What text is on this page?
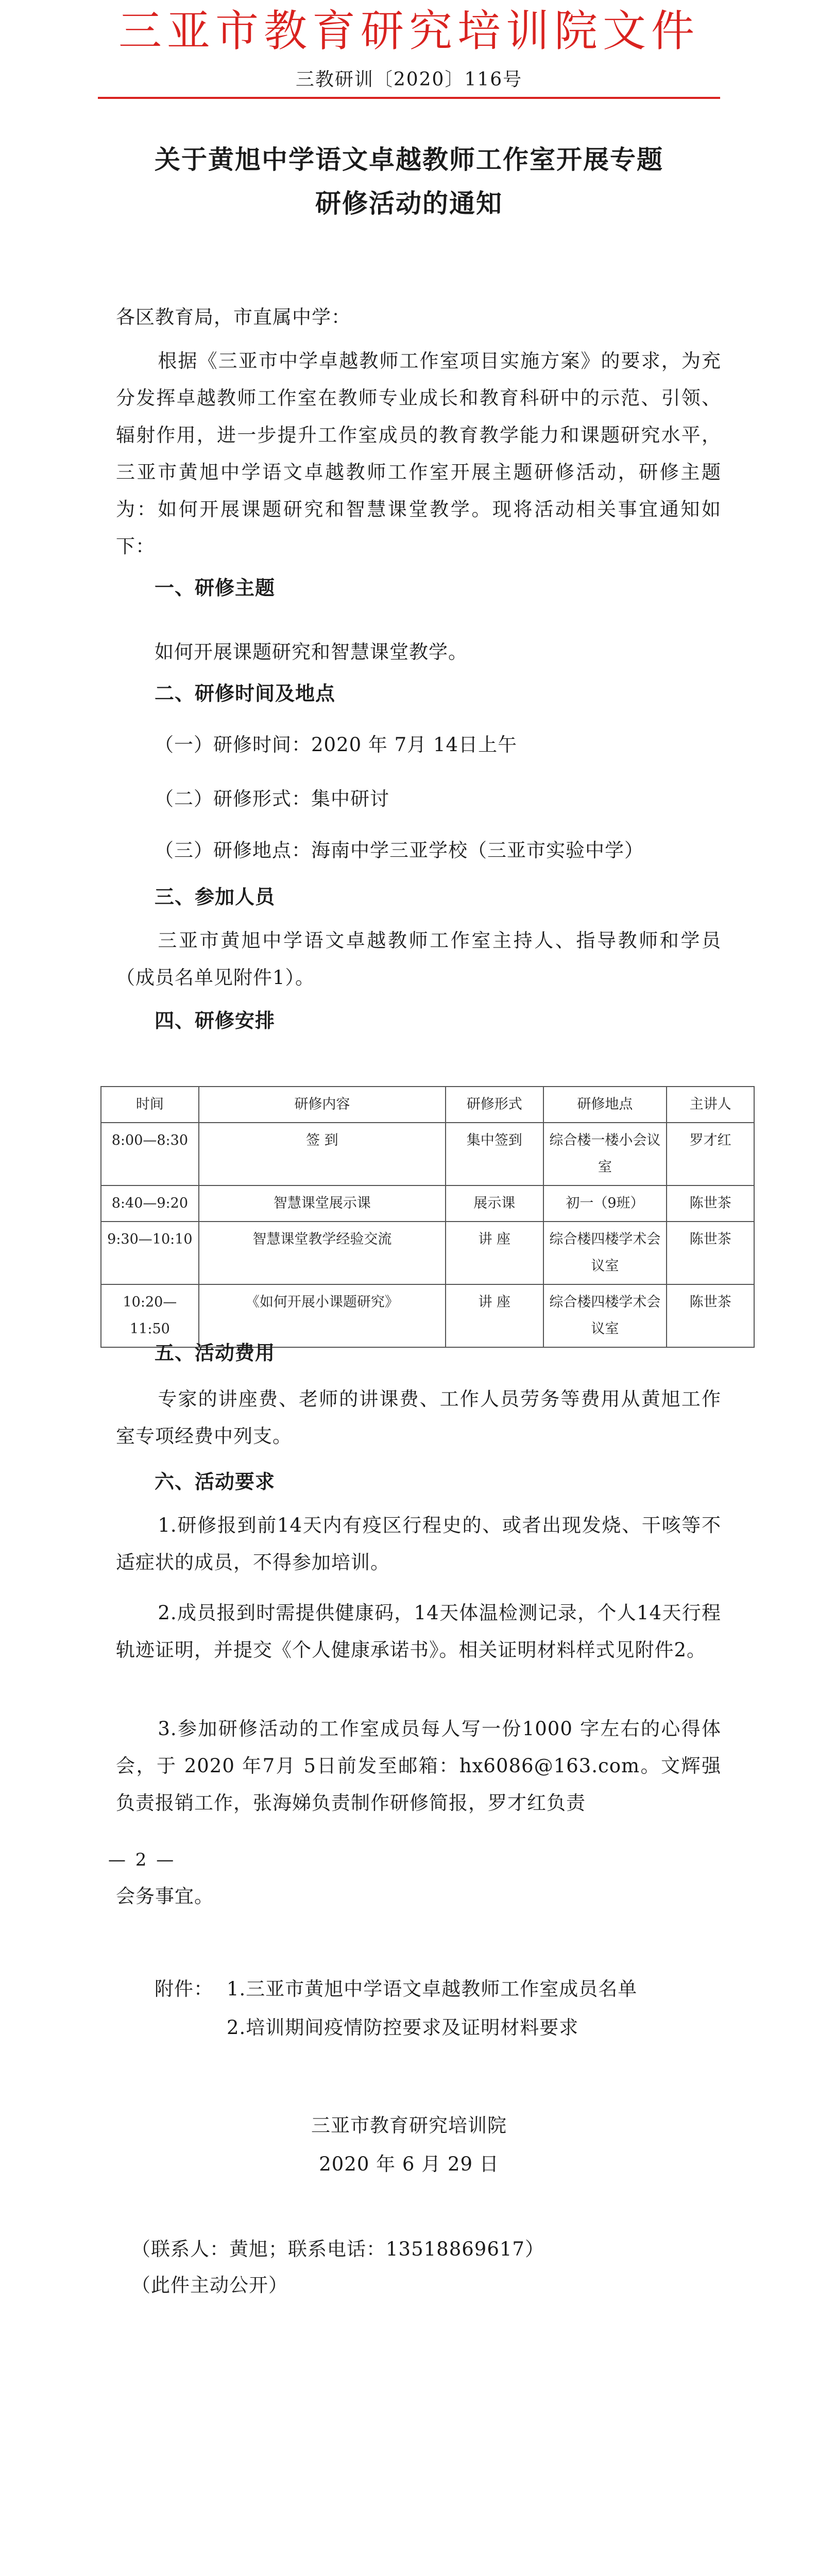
三亚市教育研究培训院文件
三教研训〔2020〕116号
关于黄旭中学语文卓越教师工作室开展专题
研修活动的通知
各区教育局，市直属中学：
根据《三亚市中学卓越教师工作室项目实施方案》的要求，为充分发挥卓越教师工作室在教师专业成长和教育科研中的示范、引领、辐射作用，进一步提升工作室成员的教育教学能力和课题研究水平，三亚市黄旭中学语文卓越教师工作室开展主题研修活动，研修主题为：如何开展课题研究和智慧课堂教学。现将活动相关事宜通知如下：
一、研修主题
如何开展课题研究和智慧课堂教学。
二、研修时间及地点
（一）研修时间：2020 年 7月 14日上午
（二）研修形式：集中研讨
（三）研修地点：海南中学三亚学校（三亚市实验中学）
三、参加人员
三亚市黄旭中学语文卓越教师工作室主持人、指导教师和学员（成员名单见附件1）。
四、研修安排
时间	研修内容	研修形式	研修地点	主讲人
8:00—8:30	签 到	集中签到	综合楼一楼小会议室	罗才红
8:40—9:20	智慧课堂展示课	展示课	初一（9班）	陈世茶
9:30—10:10	智慧课堂教学经验交流	讲 座	综合楼四楼学术会议室	陈世茶
10:20—11:50	《如何开展小课题研究》	讲 座	综合楼四楼学术会议室	陈世茶
五、活动费用
专家的讲座费、老师的讲课费、工作人员劳务等费用从黄旭工作室专项经费中列支。
六、活动要求
1.研修报到前14天内有疫区行程史的、或者出现发烧、干咳等不适症状的成员，不得参加培训。
2.成员报到时需提供健康码，14天体温检测记录，个人14天行程轨迹证明，并提交《个人健康承诺书》。相关证明材料样式见附件2。
3.参加研修活动的工作室成员每人写一份1000 字左右的心得体会，于 2020 年7月 5日前发至邮箱：hx6086@163.com。文辉强负责报销工作，张海娣负责制作研修简报，罗才红负责
— 2 —
会务事宜。
附件： 1.三亚市黄旭中学语文卓越教师工作室成员名单
2.培训期间疫情防控要求及证明材料要求
三亚市教育研究培训院
2020 年 6 月 29 日
（联系人：黄旭；联系电话：13518869617）
（此件主动公开）
